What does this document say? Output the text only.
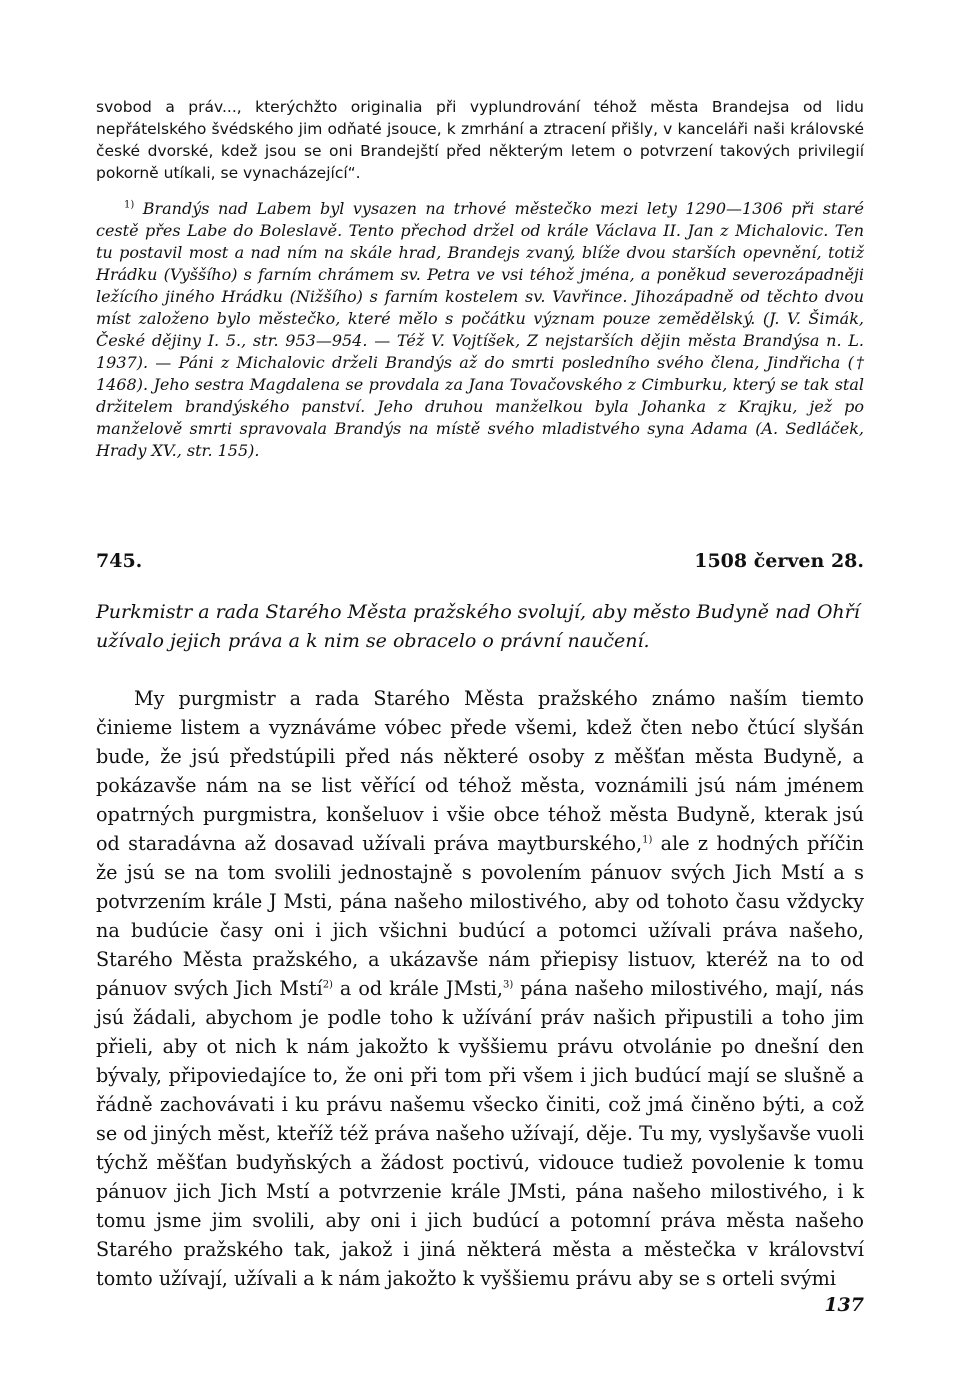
svobod a práv..., kterýchžto originalia při vyplundrování téhož města Brandejsa od lidu nepřátelského švédského jim odňaté jsouce, k zmrhání a ztracení přišly, v kanceláři naši královské české dvorské, kdež jsou se oni Brandejští před některým letem o potvrzení takových privilegií pokorně utíkali, se vynacházející“.

$^{1)}$ Brandýs nad Labem byl vysazen na trhové městečko mezi lety 1290—1306 při staré cestě přes Labe do Boleslavě. Tento přechod držel od krále Václava II. Jan z Michalovic. Ten tu postavil most a nad ním na skále hrad, Brandejs zvaný, blíže dvou starších opevnění, totiž Hrádku (Vyššího) s farním chrámem sv. Petra ve vsi téhož jména, a poněkud severozápadněji ležícího jiného Hrádku (Nižšího) s farním kostelem sv. Vavřince. Jihozápadně od těchto dvou míst založeno bylo městečko, které mělo s počátku význam pouze zemědělský. (J. V. Šimák, České dějiny I. 5., str. 953—954. — Též V. Vojtíšek, Z nejstarších dějin města Brandýsa n. L. 1937). — Páni z Michalovic drželi Brandýs až do smrti posledního svého člena, Jindřicha († 1468). Jeho sestra Magdalena se provdala za Jana Tovačovského z Cimburku, který se tak stal držitelem brandýského panství. Jeho druhou manželkou byla Johanka z Krajku, jež po manželově smrti spravovala Brandýs na místě svého mladistvého syna Adama (A. Sedláček, Hrady XV., str. 155).

745.	1508 červen 28.

Purkmistr a rada Starého Města pražského svolují, aby město Budyně nad Ohří užívalo jejich práva a k nim se obracelo o právní naučení.

My purgmistr a rada Starého Města pražského známo naším tiemto činieme listem a vyznáváme vóbec přede všemi, kdež čten nebo čtúcí slyšán bude, že jsú předstúpili před nás některé osoby z měšťan města Budyně, a pokázavše nám na se list věřící od téhož města, voznámili jsú nám jménem opatrných purgmistra, konšeluov i všie obce téhož města Budyně, kterak jsú od staradávna až dosavad užívali práva maytburského,$^{1)}$ ale z hodných příčin že jsú se na tom svolili jednostajně s povolením pánuov svých Jich Mstí a s potvrzením krále J Msti, pána našeho milostivého, aby od tohoto času vždycky na budúcie časy oni i jich všichni budúcí a potomci užívali práva našeho, Starého Města pražského, a ukázavše nám přiepisy listuov, kteréž na to od pánuov svých Jich Mstí$^{2)}$ a od krále JMsti,$^{3)}$ pána našeho milostivého, mají, nás jsú žádali, abychom je podle toho k užívání práv našich připustili a toho jim přieli, aby ot nich k nám jakožto k vyššiemu právu otvolánie po dnešní den bývaly, připoviedajíce to, že oni při tom při všem i jich budúcí mají se slušně a řádně zachovávati i ku právu našemu všecko činiti, což jmá činěno býti, a což se od jiných měst, kteříž též práva našeho užívají, děje. Tu my, vyslyšavše vuoli týchž měšťan budyňských a žádost poctivú, vidouce tudiež povolenie k tomu pánuov jich Jich Mstí a potvrzenie krále JMsti, pána našeho milostivého, i k tomu jsme jim svolili, aby oni i jich budúcí a potomní práva města našeho Starého pražského tak, jakož i jiná některá města a městečka v království tomto užívají, užívali a k nám jakožto k vyššiemu právu aby se s orteli svými

137
